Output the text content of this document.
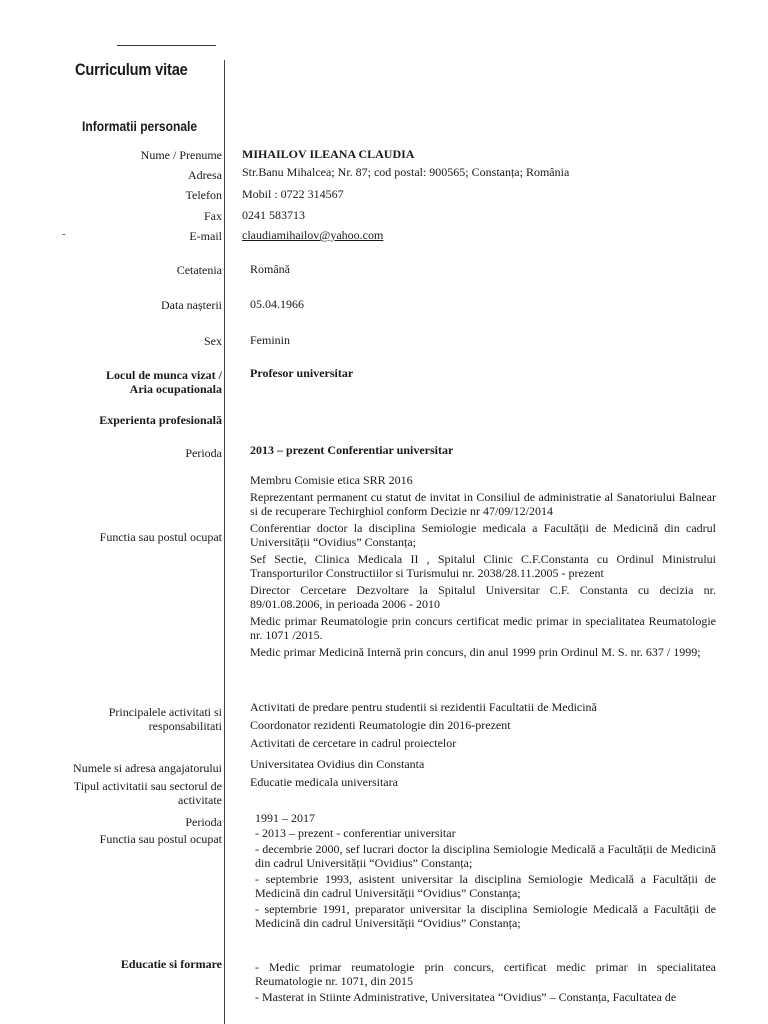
Curriculum vitae
Informatii personale
Nume / Prenume MIHAILOV ILEANA CLAUDIA
Adresa Str.Banu Mihalcea; Nr. 87; cod postal: 900565; Constanța; România
Telefon Mobil : 0722 314567
Fax 0241 583713
-	E-mail claudiamihailov@yahoo.com
Cetatenia Română
Data nașterii 05.04.1966
Sex Feminin
Locul de munca vizat /
Aria ocupationala
Profesor universitar
Experienta profesională
Perioda 2013 – prezent Conferentiar universitar
Functia sau postul ocupat
Membru Comisie etica SRR 2016
Reprezentant permanent cu statut de invitat in Consiliul de administratie al Sanatoriului Balnear si de recuperare Techirghiol conform Decizie nr 47/09/12/2014
Conferentiar doctor la disciplina Semiologie medicala a Facultății de Medicină din cadrul Universității “Ovidius” Constanța;
Sef Sectie, Clinica Medicala II , Spitalul Clinic C.F.Constanta cu Ordinul Ministrului Transporturilor Constructiilor si Turismului nr. 2038/28.11.2005 - prezent
Director Cercetare Dezvoltare la Spitalul Universitar C.F. Constanta cu decizia nr. 89/01.08.2006, in perioada 2006 - 2010
Medic primar Reumatologie prin concurs certificat medic primar in specialitatea Reumatologie nr. 1071 /2015.
Medic primar Medicină Internă prin concurs, din anul 1999 prin Ordinul M. S. nr. 637 / 1999;
Principalele activitati si
responsabilitati
Activitati de predare pentru studentii si rezidentii Facultatii de Medicină
Coordonator rezidenti Reumatologie din 2016-prezent
Activitati de cercetare in cadrul proiectelor
Numele si adresa angajatorului Universitatea Ovidius din Constanta
Tipul activitatii sau sectorul de
activitate
Educatie medicala universitara
Perioda	1991 – 2017
Functia sau postul ocupat	- 2013 – prezent - conferentiar universitar
- decembrie 2000, sef lucrari doctor la disciplina Semiologie Medicală a Facultății de Medicină din cadrul Universității “Ovidius” Constanța;
- septembrie 1993, asistent universitar la disciplina Semiologie Medicală a Facultății de Medicină din cadrul Universității “Ovidius” Constanța;
- septembrie 1991, preparator universitar la disciplina Semiologie Medicală a Facultății de Medicină din cadrul Universității “Ovidius” Constanța;
Educatie si formare	- Medic primar reumatologie prin concurs, certificat medic primar in specialitatea Reumatologie nr. 1071, din 2015
- Masterat in Stiinte Administrative, Universitatea “Ovidius” – Constanța, Facultatea de
